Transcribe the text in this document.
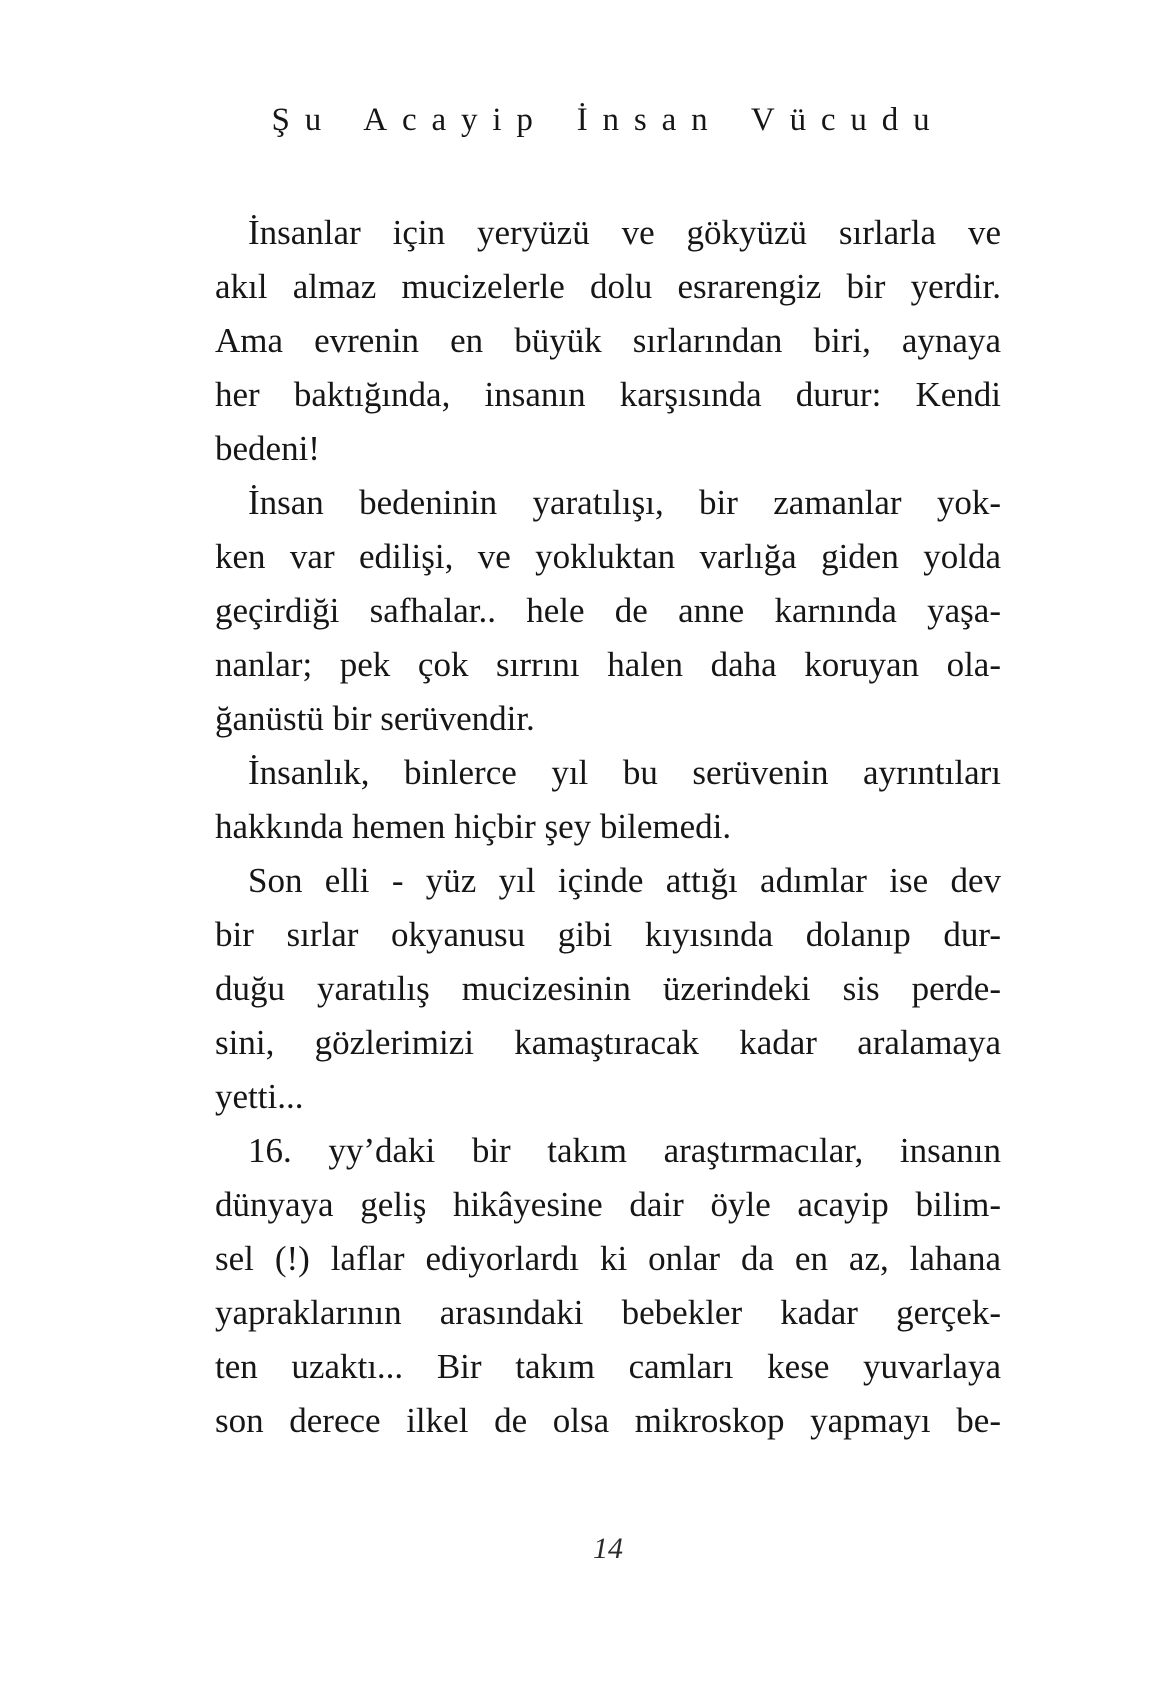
Şu Acayip İnsan Vücudu
İnsanlar için yeryüzü ve gökyüzü sırlarla ve
akıl almaz mucizelerle dolu esrarengiz bir yerdir.
Ama evrenin en büyük sırlarından biri, aynaya
her baktığında, insanın karşısında durur: Kendi
bedeni!
İnsan bedeninin yaratılışı, bir zamanlar yok-
ken var edilişi, ve yokluktan varlığa giden yolda
geçirdiği safhalar.. hele de anne karnında yaşa-
nanlar; pek çok sırrını halen daha koruyan ola-
ğanüstü bir serüvendir.
İnsanlık, binlerce yıl bu serüvenin ayrıntıları
hakkında hemen hiçbir şey bilemedi.
Son elli - yüz yıl içinde attığı adımlar ise dev
bir sırlar okyanusu gibi kıyısında dolanıp dur-
duğu yaratılış mucizesinin üzerindeki sis perde-
sini, gözlerimizi kamaştıracak kadar aralamaya
yetti...
16. yy’daki bir takım araştırmacılar, insanın
dünyaya geliş hikâyesine dair öyle acayip bilim-
sel (!) laflar ediyorlardı ki onlar da en az, lahana
yapraklarının arasındaki bebekler kadar gerçek-
ten uzaktı... Bir takım camları kese yuvarlaya
son derece ilkel de olsa mikroskop yapmayı be-
14
